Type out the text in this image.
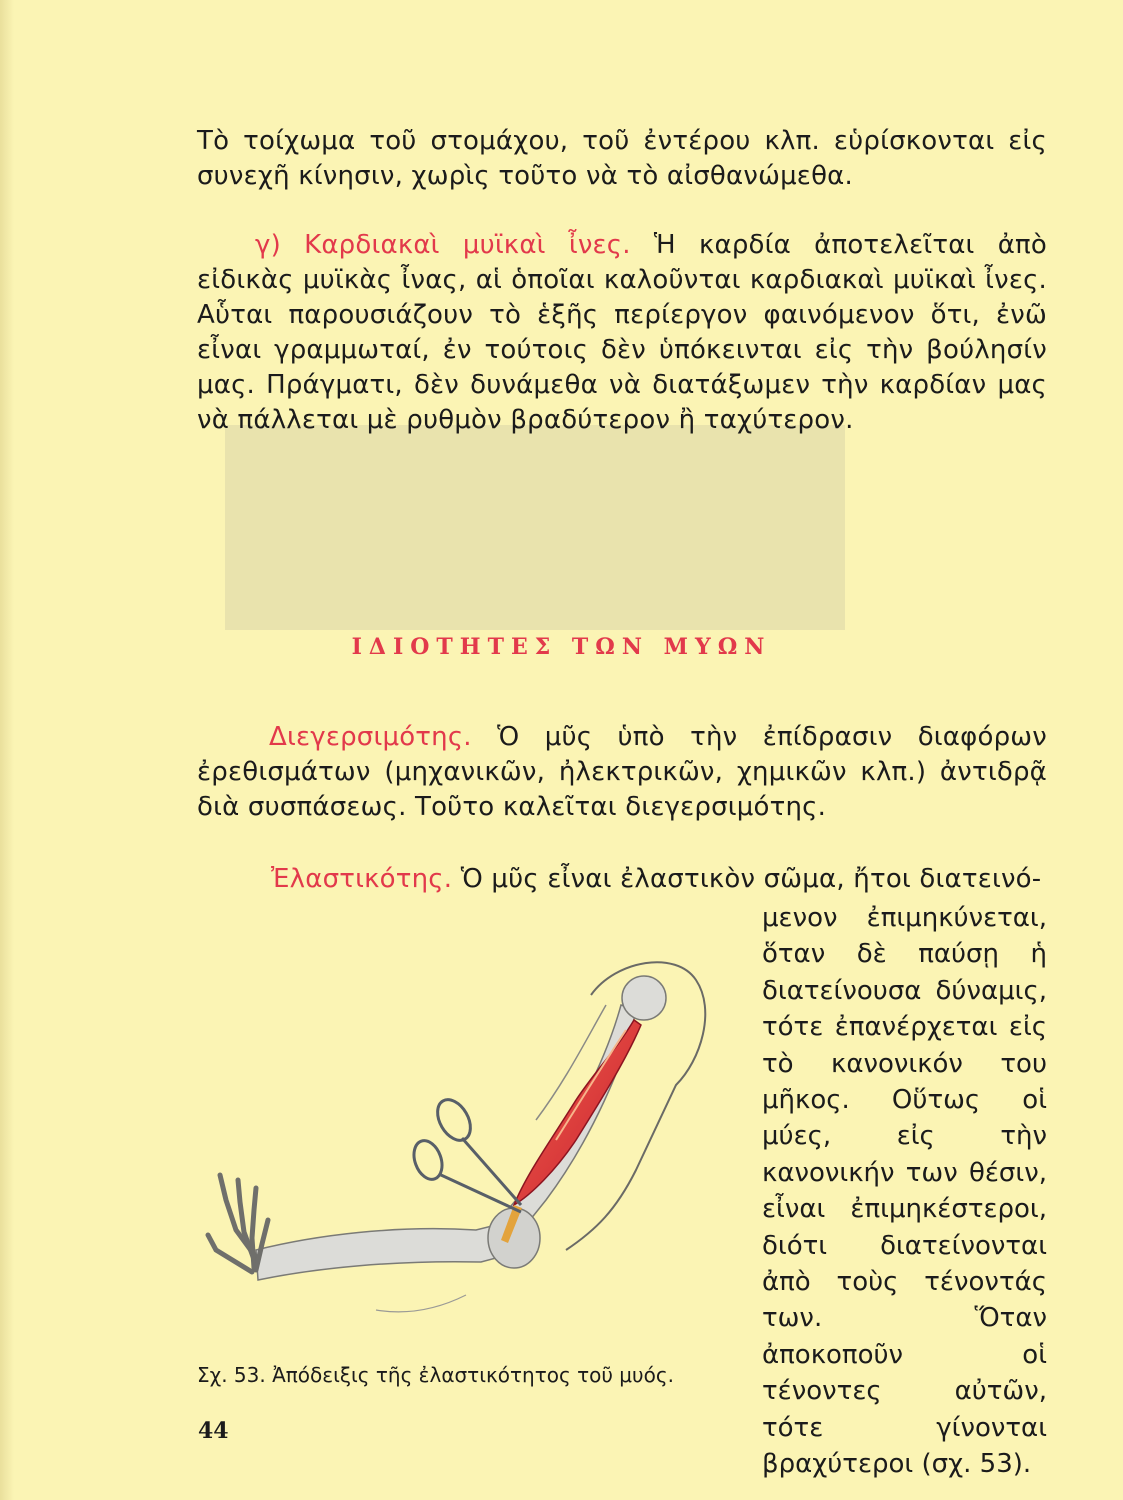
Τὸ τοίχωμα τοῦ στομάχου, τοῦ ἐντέρου κλπ. εὑρίσκονται εἰς συνεχῆ κίνησιν, χωρὶς τοῦτο νὰ τὸ αἰσθανώμεθα.

γ) Καρδιακαὶ μυϊκαὶ ἶνες. Ἡ καρδία ἀποτελεῖται ἀπὸ εἰδικὰς μυϊκὰς ἶνας, αἱ ὁποῖαι καλοῦνται καρδιακαὶ μυϊκαὶ ἶνες. Αὗται παρουσιάζουν τὸ ἑξῆς περίεργον φαινόμενον ὅτι, ἐνῶ εἶναι γραμμωταί, ἐν τούτοις δὲν ὑπόκεινται εἰς τὴν βούλησίν μας. Πράγματι, δὲν δυνάμεθα νὰ διατάξωμεν τὴν καρδίαν μας νὰ πάλλεται μὲ ρυθμὸν βραδύτερον ἢ ταχύτερον.

ΙΔΙΟΤΗΤΕΣ ΤΩΝ ΜΥΩΝ

Διεγερσιμότης. Ὁ μῦς ὑπὸ τὴν ἐπίδρασιν διαφόρων ἐρεθισμάτων (μηχανικῶν, ἠλεκτρικῶν, χημικῶν κλπ.) ἀντιδρᾷ διὰ συσπάσεως. Τοῦτο καλεῖται διεγερσιμότης.

Ἐλαστικότης. Ὁ μῦς εἶναι ἐλαστικὸν σῶμα, ἤτοι διατεινό-

μενον ἐπιμηκύνεται, ὅταν δὲ παύσῃ ἡ διατείνουσα δύναμις, τότε ἐπανέρχεται εἰς τὸ κανονικόν του μῆκος. Οὕτως οἱ μύες, εἰς τὴν κανονικήν των θέσιν, εἶναι ἐπιμηκέστεροι, διότι διατείνονται ἀπὸ τοὺς τένοντάς των. Ὅταν ἀποκοποῦν οἱ τένοντες αὐτῶν, τότε γίνονται βραχύτεροι (σχ. 53).

Σχ. 53. Ἀπόδειξις τῆς ἐλαστικότητος τοῦ μυός.
44
